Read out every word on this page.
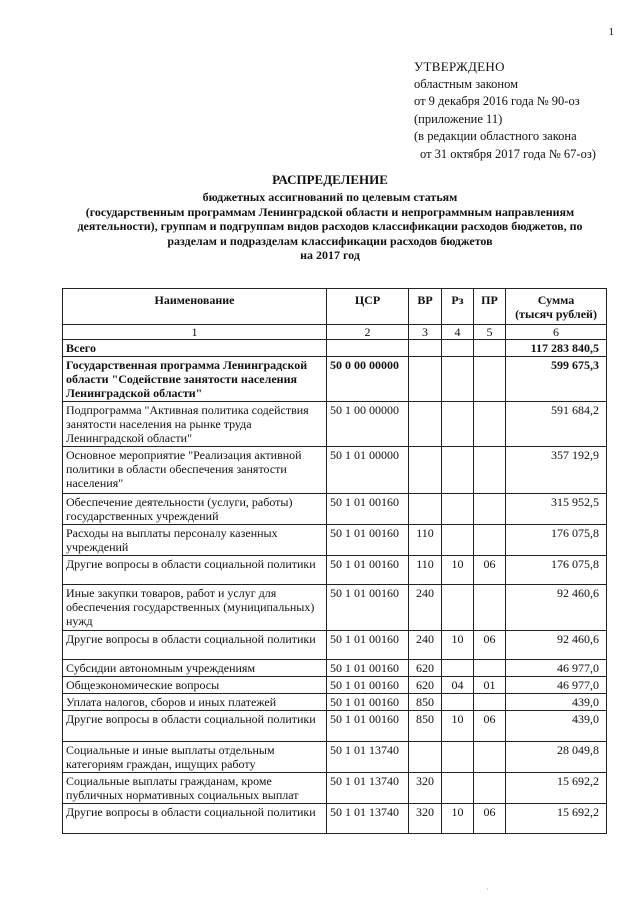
1
УТВЕРЖДЕНО
областным законом
от 9 декабря 2016 года № 90-оз
(приложение 11)
(в редакции областного закона
от 31 октября 2017 года № 67-оз)
РАСПРЕДЕЛЕНИЕ
бюджетных ассигнований по целевым статьям
(государственным программам Ленинградской области и непрограммным направлениям
деятельности), группам и подгруппам видов расходов классификации расходов бюджетов, по
разделам и подразделам классификации расходов бюджетов
на 2017 год
Наименование	ЦСР	ВР	Рз	ПР	Сумма
(тысяч рублей)

1	2	3	4	5	6
Всего					117 283 840,5
Государственная программа Ленинградской области "Содействие занятости населения Ленинградской области"	50 0 00 00000				599 675,3
Подпрограмма "Активная политика содействия занятости населения на рынке труда Ленинградской области"	50 1 00 00000				591 684,2
Основное мероприятие "Реализация активной политики в области обеспечения занятости населения"	50 1 01 00000				357 192,9
Обеспечение деятельности (услуги, работы) государственных учреждений	50 1 01 00160				315 952,5
Расходы на выплаты персоналу казенных учреждений	50 1 01 00160	110			176 075,8
Другие вопросы в области социальной политики	50 1 01 00160	110	10	06	176 075,8
Иные закупки товаров, работ и услуг для обеспечения государственных (муниципальных) нужд	50 1 01 00160	240			92 460,6
Другие вопросы в области социальной политики	50 1 01 00160	240	10	06	92 460,6
Субсидии автономным учреждениям	50 1 01 00160	620			46 977,0
Общеэкономические вопросы	50 1 01 00160	620	04	01	46 977,0
Уплата налогов, сборов и иных платежей	50 1 01 00160	850			439,0
Другие вопросы в области социальной политики	50 1 01 00160	850	10	06	439,0
Социальные и иные выплаты отдельным категориям граждан, ищущих работу	50 1 01 13740				28 049,8
Социальные выплаты гражданам, кроме публичных нормативных социальных выплат	50 1 01 13740	320			15 692,2
Другие вопросы в области социальной политики	50 1 01 13740	320	10	06	15 692,2
·
